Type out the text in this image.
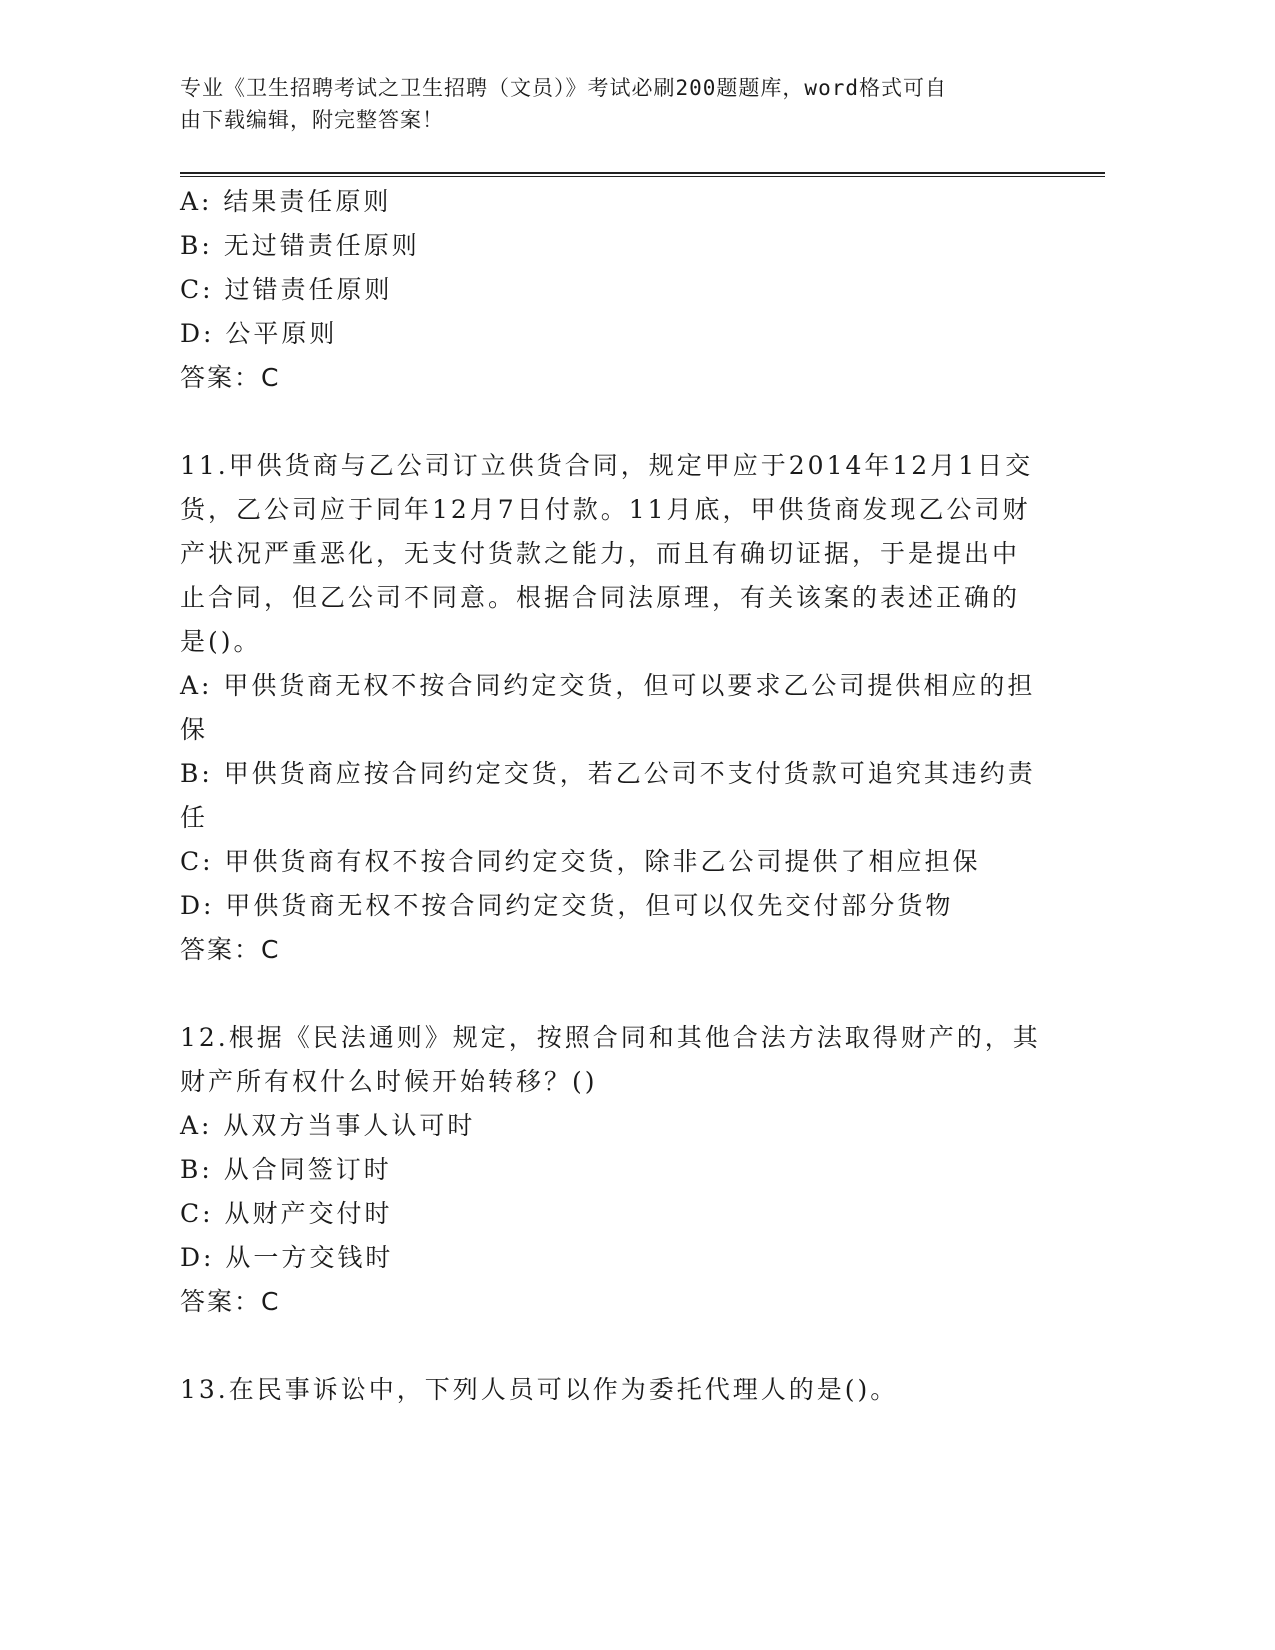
专业《卫生招聘考试之卫生招聘（文员）》考试必刷200题题库，word格式可自
由下载编辑，附完整答案！
A: 结果责任原则
B: 无过错责任原则
C: 过错责任原则
D: 公平原则
答案：C
11.甲供货商与乙公司订立供货合同，规定甲应于2014年12月1日交
货，乙公司应于同年12月7日付款。11月底，甲供货商发现乙公司财
产状况严重恶化，无支付货款之能力，而且有确切证据，于是提出中
止合同，但乙公司不同意。根据合同法原理，有关该案的表述正确的
是()。
A: 甲供货商无权不按合同约定交货，但可以要求乙公司提供相应的担
保
B: 甲供货商应按合同约定交货，若乙公司不支付货款可追究其违约责
任
C: 甲供货商有权不按合同约定交货，除非乙公司提供了相应担保
D: 甲供货商无权不按合同约定交货，但可以仅先交付部分货物
答案：C
12.根据《民法通则》规定，按照合同和其他合法方法取得财产的，其
财产所有权什么时候开始转移？()
A: 从双方当事人认可时
B: 从合同签订时
C: 从财产交付时
D: 从一方交钱时
答案：C
13.在民事诉讼中，下列人员可以作为委托代理人的是()。
